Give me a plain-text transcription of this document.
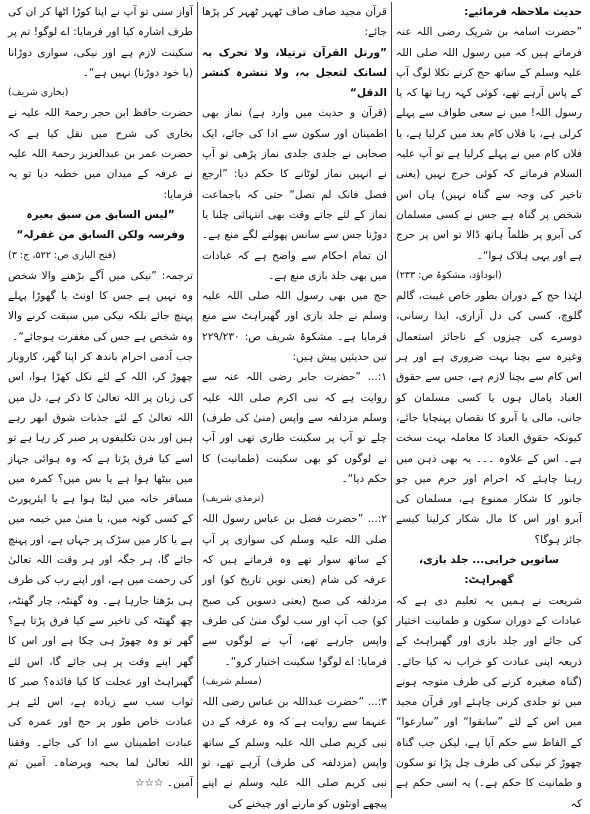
حدیث ملاحظہ فرمائیے:

”حضرت اسامہ بن شریک رضی اللہ عنہ فرماتے ہیں کہ میں رسول اللہ صلی اللہ علیہ وسلم کے ساتھ حج کرنے نکلا لوگ آپ کے پاس آرہے تھے، کوئی کہہ رہا تھا کہ یا رسول اللہ! میں نے سعی طواف سے پہلے کرلی ہے، یا فلاں کام بعد میں کرلیا ہے، یا فلاں کام میں نے پہلے کرلیا ہے تو آپ علیہ السلام فرماتے کہ کوئی حرج نہیں (یعنی تاخیر کی وجہ سے گناہ نہیں) ہاں اس شخص پر گناہ ہے جس نے کسی مسلمان کی آبرو پر ظلماً ہاتھ ڈالا تو اس پر حرج ہے اور یہی ہلاک ہوا“۔

(ابوداؤد، مشکوۃ ص: ۲۳۳)

لہٰذا حج کے دوران بطور خاص غیبت، گالم گلوچ، کسی کی دل آزاری، ایذا رسانی، دوسرے کی چیزوں کے ناجائز استعمال وغیرہ سے بچنا بہت ضروری ہے اور ہر اس کام سے بچنا لازم ہے، جس سے حقوق العباد پامال ہوں یا کسی مسلمان کو جانی، مالی یا آبرو کا نقصان پہنچایا جائے، کیونکہ حقوق العباد کا معاملہ بہت سخت ہے۔ اس کے علاوہ ۔۔۔ یہ بھی ذہن میں رہنا چاہئے کہ احرام اور حرم میں جو جانور کا شکار ممنوع ہے، مسلمان کی آبرو اور اس کا مال شکار کرلینا کیسے جائز ہوگا؟

ساتویں خرابی... جلد بازی، گھبراہٹ:

شریعت نے ہمیں یہ تعلیم دی ہے کہ عبادات کے دوران سکون و طمانیت اختیار کی جائے اور جلد بازی اور گھبراہٹ کے ذریعہ اپنی عبادت کو خراب نہ کیا جائے۔ (گناہ صغیرہ کرنے کی طرف متوجہ ہونے میں تو جلدی کرنی چاہئے اور قرآن مجید میں اس کے لئے ”سابقوا“ اور ”سارعوا“ کے الفاظ سے حکم آیا ہے، لیکن جب گناہ چھوڑ کر نیکی کی طرف چل پڑا تو سکون و طمانیت کا حکم ہے۔) یہ اسی حکم ہے کہ

قرآن مجید صاف صاف ٹھہر ٹھہر کر پڑھا جائے:

”ورتل القرآن ترتیلا، ولا تحرک بہ لسانک لتعجل بہ، ولا تنشرہ کنشر الدقل“

(قرآن و حدیث میں وارد ہے) نماز بھی اطمینان اور سکون سے ادا کی جائے، ایک صحابی نے جلدی جلدی نماز پڑھی تو آپ نے انہیں نماز لوٹانے کا حکم دیا: ”ارجع فصل فانک لم تصل“ حتی کہ باجماعت نماز کے لئے جاتے وقت بھی انتہائی چلنا یا دوڑنا جس سے سانس پھولنے لگے منع ہے۔ ان تمام احکام سے واضح ہے کہ عبادات میں بھی جلد بازی منع ہے۔

حج میں بھی رسول اللہ صلی اللہ علیہ وسلم نے جلد بازی اور گھبراہٹ سے منع فرمایا ہے۔ مشکوۃ شریف ص: ۲۲۹/۲۳۰ تین حدیثیں پیش ہیں:

۱:... ”حضرت جابر رضی اللہ عنہ سے روایت ہے کہ نبی اکرم صلی اللہ علیہ وسلم مزدلفہ سے واپس (منیٰ کی طرف) چلے تو آپ پر سکینت طاری تھی اور آپ نے لوگوں کو بھی سکینت (طمانیت) کا حکم دیا“۔

(ترمذی شریف)

۲:... ”حضرت فضل بن عباس رسول اللہ صلی اللہ علیہ وسلم کی سواری پر آپ کے ساتھ سوار تھے وہ فرماتے ہیں کہ عرفہ کی شام (یعنی نویں تاریخ کو) اور مزدلفہ کی صبح (یعنی دسویں کی صبح کو) جب آپ اور سب لوگ منیٰ کی طرف واپس جارہے تھے، آپ نے لوگوں سے فرمایا: اے لوگو! سکینت اختیار کرو“۔

(مسلم شریف)

۳:... ”حضرت عبداللہ بن عباس رضی اللہ عنہما سے روایت ہے کہ وہ عرفہ کے دن نبی کریم صلی اللہ علیہ وسلم کے ساتھ واپس (مزدلفہ کی طرف) آرہے تھے، تو نبی کریم صلی اللہ علیہ وسلم نے اپنے پیچھے اونٹوں کو مارنے اور چیخنے کی

آواز سنی تو آپ نے اپنا کوڑا اٹھا کر ان کی طرف اشارہ کیا اور فرمایا: اے لوگو! تم پر سکینت لازم ہے اور نیکی، سواری دوڑانا (یا خود دوڑنا) نہیں ہے“۔

(بخاری شریف)

حضرت حافظ ابن حجر رحمۃ اللہ علیہ نے بخاری کی شرح میں نقل کیا ہے کہ حضرت عمر بن عبدالعزیز رحمۃ اللہ علیہ نے عرفہ کے میدان میں خطبہ دیا تو یہ فرمایا:

”لیس السابق من سبق بعیرہ وفرسہ ولکن السابق من غفرلہ“

(فتح الباری ص: ۵۲۲، ج: ۳)

ترجمہ: ”نیکی میں آگے بڑھنے والا شخص وہ نہیں ہے جس کا اونٹ یا گھوڑا پہلے پہنچ جائے بلکہ نیکی میں سبقت کرنے والا وہ شخص ہے جس کی مغفرت ہوجائے“۔

جب آدمی احرام باندھ کر اپنا گھر، کاروبار چھوڑ کر، اللہ کے لئے نکل کھڑا ہوا، اس کی زبان پر اللہ تعالیٰ کا ذکر ہے، دل میں اللہ تعالیٰ کے لئے جذبات شوق ابھر رہے ہیں اور بدن تکلیفوں پر صبر کر رہا ہے تو اسے کیا فرق پڑتا ہے کہ وہ ہوائی جہاز میں بیٹھا ہوا ہے یا بس میں؟ کمرہ میں مسافر خانہ میں لیٹا ہوا ہے یا ایئرپورٹ کے کسی کونہ میں، یا منیٰ میں خیمہ میں ہے یا کار میں سڑک پر جہاں ہے، اور پہنچ جائے گا، ہر جگہ اور ہر وقت اللہ تعالیٰ کی رحمت میں ہے، اور اپنے رب کی طرف ہی بڑھتا جارہا ہے۔ وہ گھنٹہ، چار گھنٹہ، چھ گھنٹہ کی تاخیر سے کیا فرق پڑتا ہے؟ گھر تو وہ چھوڑ ہی چکا ہے اور اس کا گھر اپنے وقت پر ہی جائے گا، اس لئے گھبراہٹ اور عجلت کا کیا فائدہ؟ صبر کا ثواب سب سے زیادہ ہے، اس لئے ہر عبادت خاص طور پر حج اور عمرہ کی عبادت اطمینان سے ادا کی جائے۔ وفقنا اللہ تعالیٰ لما یحبہ ویرضاہ۔ آمین ثم آمین۔ ☆☆☆
